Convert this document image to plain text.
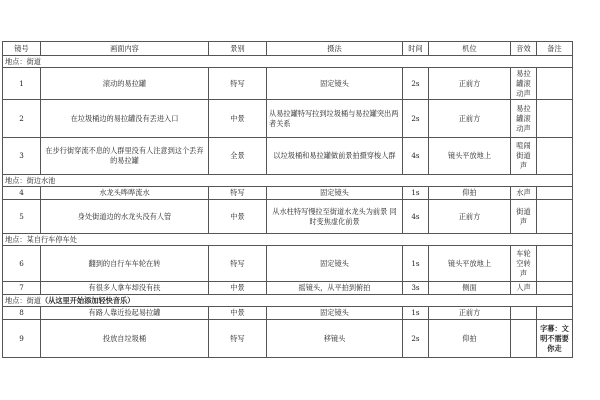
镜号	画面内容	景别	摄法	时间	机位	音效	备注
地点：街道							
1	滚动的易拉罐	特写	固定镜头	2s	正前方	易拉罐滚动声	
2	在垃圾桶边的易拉罐没有丢进入口	中景	从易拉罐特写拉到垃圾桶与易拉罐突出两者关系	2s	正前方	易拉罐滚动声	
3	在步行街穿流不息的人群里没有人注意到这个丢弃的易拉罐	全景	以垃圾桶和易拉罐做前景拍摄穿梭人群	4s	镜头平放地上	喧闹街道声	
地点：街边水池							
4	水龙头哗哗流水	特写	固定镜头	1s	仰拍	水声	
5	身处街道边的水龙头没有人管	中景	从水柱特写慢拉至街道水龙头为前景 同时变焦虚化前景	4s	正前方	街道声	
地点：某自行车停车处							
6	翻到的自行车车轮在转	特写	固定镜头	1s	镜头平放地上	车轮空转声	
7	有很多人拿车却没有扶	中景	摇镜头，从平拍到俯拍	3s	侧面	人声	
地点：街道（从这里开始添加轻快音乐）							
8	有路人靠近捡起易拉罐	中景	固定镜头	1s	正前方		
9	投放自垃圾桶	特写	移镜头	2s	仰拍		字幕：文明不需要你走
